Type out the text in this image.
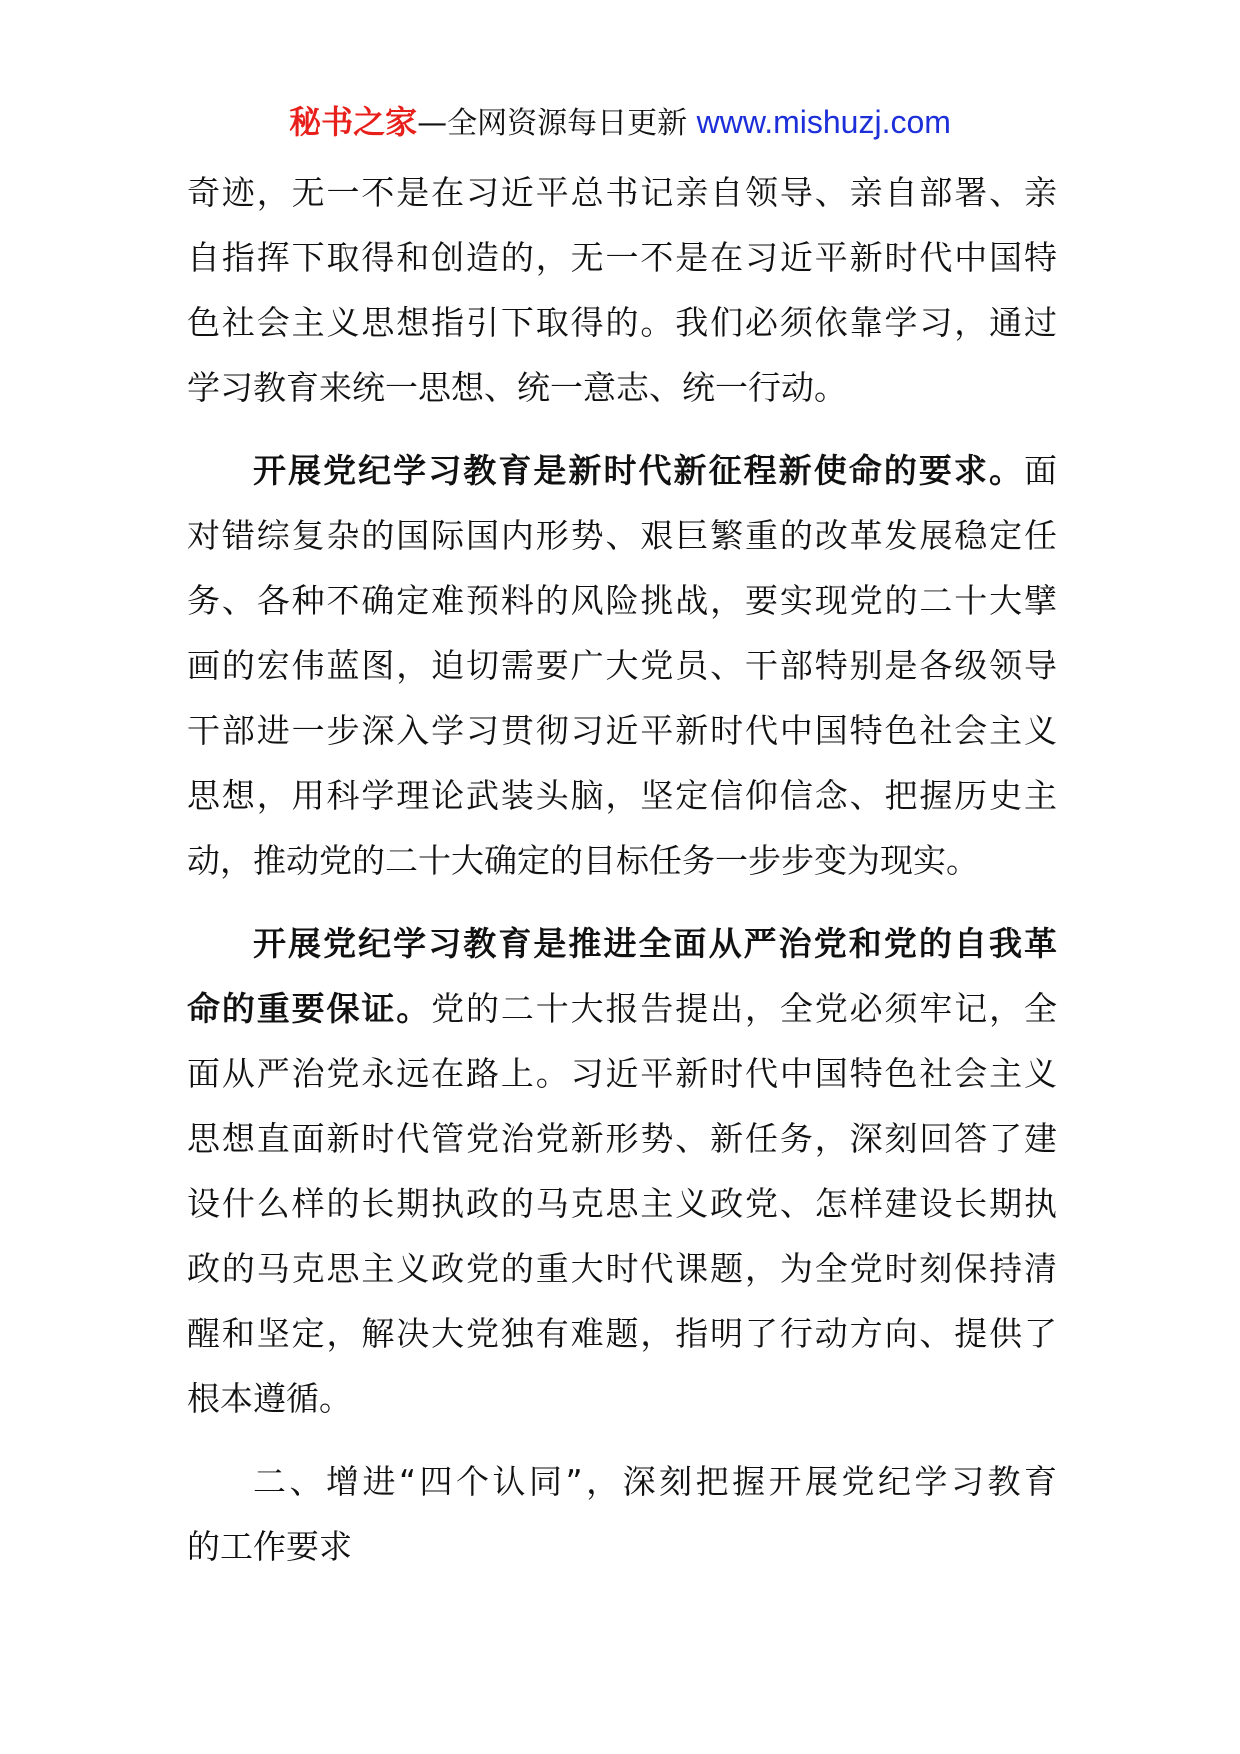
秘书之家—全网资源每日更新 www.mishuzj.com
奇迹，无一不是在习近平总书记亲自领导、亲自部署、亲
自指挥下取得和创造的，无一不是在习近平新时代中国特
色社会主义思想指引下取得的。我们必须依靠学习，通过
学习教育来统一思想、统一意志、统一行动。
开展党纪学习教育是新时代新征程新使命的要求。面
对错综复杂的国际国内形势、艰巨繁重的改革发展稳定任
务、各种不确定难预料的风险挑战，要实现党的二十大擘
画的宏伟蓝图，迫切需要广大党员、干部特别是各级领导
干部进一步深入学习贯彻习近平新时代中国特色社会主义
思想，用科学理论武装头脑，坚定信仰信念、把握历史主
动，推动党的二十大确定的目标任务一步步变为现实。
开展党纪学习教育是推进全面从严治党和党的自我革
命的重要保证。党的二十大报告提出，全党必须牢记，全
面从严治党永远在路上。习近平新时代中国特色社会主义
思想直面新时代管党治党新形势、新任务，深刻回答了建
设什么样的长期执政的马克思主义政党、怎样建设长期执
政的马克思主义政党的重大时代课题，为全党时刻保持清
醒和坚定，解决大党独有难题，指明了行动方向、提供了
根本遵循。
二、增进“四个认同”，深刻把握开展党纪学习教育
的工作要求
